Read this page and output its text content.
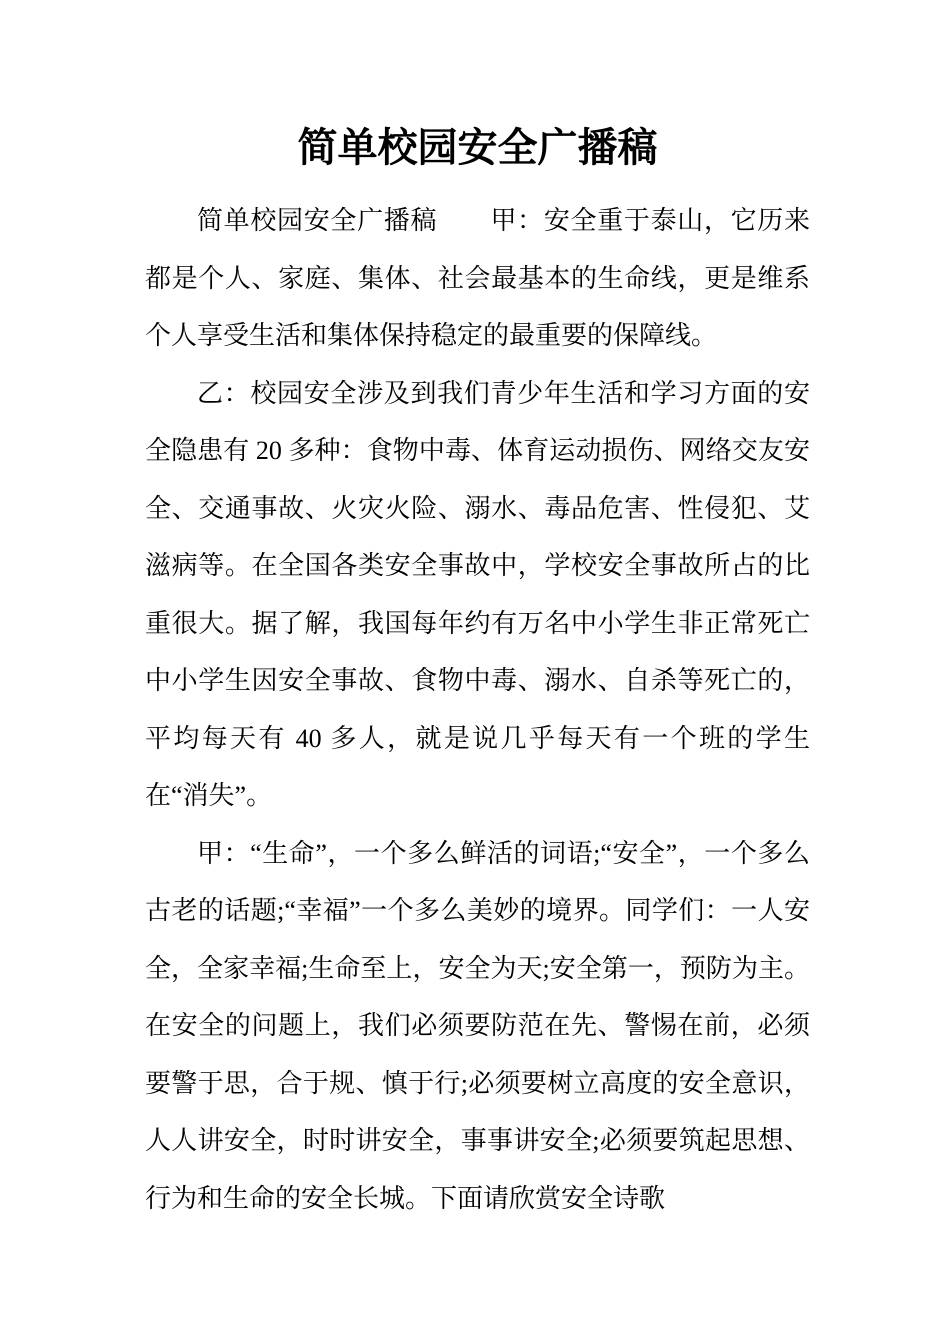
简单校园安全广播稿

简单校园安全广播稿　　甲：安全重于泰山，它历来都是个人、家庭、集体、社会最基本的生命线，更是维系个人享受生活和集体保持稳定的最重要的保障线。

乙：校园安全涉及到我们青少年生活和学习方面的安全隐患有 20 多种：食物中毒、体育运动损伤、网络交友安全、交通事故、火灾火险、溺水、毒品危害、性侵犯、艾滋病等。在全国各类安全事故中，学校安全事故所占的比重很大。据了解，我国每年约有万名中小学生非正常死亡中小学生因安全事故、食物中毒、溺水、自杀等死亡的，平均每天有 40 多人，就是说几乎每天有一个班的学生在“消失”。

甲：“生命”，一个多么鲜活的词语;“安全”，一个多么古老的话题;“幸福”一个多么美妙的境界。同学们：一人安全，全家幸福;生命至上，安全为天;安全第一，预防为主。在安全的问题上，我们必须要防范在先、警惕在前，必须要警于思，合于规、慎于行;必须要树立高度的安全意识，人人讲安全，时时讲安全，事事讲安全;必须要筑起思想、行为和生命的安全长城。下面请欣赏安全诗歌
